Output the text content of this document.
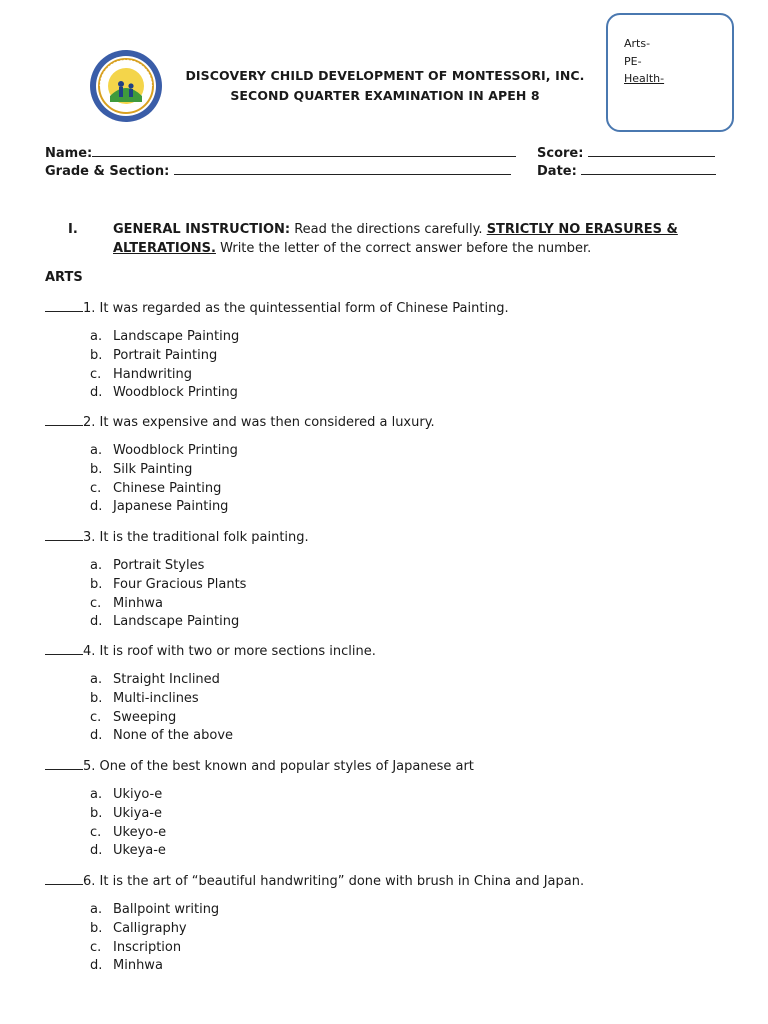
DISCOVERY CHILD DEVELOPMENT OF MONTESSORI, INC.
SECOND QUARTER EXAMINATION IN APEH 8
Arts-
PE-
Health-
Name:	Score:
Grade & Section:	Date:
I.	GENERAL INSTRUCTION: Read the directions carefully. STRICTLY NO ERASURES & ALTERATIONS. Write the letter of the correct answer before the number.
ARTS
1. It was regarded as the quintessential form of Chinese Painting.
a. Landscape Painting
b. Portrait Painting
c. Handwriting
d. Woodblock Printing
2. It was expensive and was then considered a luxury.
a. Woodblock Printing
b. Silk Painting
c. Chinese Painting
d. Japanese Painting
3. It is the traditional folk painting.
a. Portrait Styles
b. Four Gracious Plants
c. Minhwa
d. Landscape Painting
4. It is roof with two or more sections incline.
a. Straight Inclined
b. Multi-inclines
c. Sweeping
d. None of the above
5. One of the best known and popular styles of Japanese art
a. Ukiyo-e
b. Ukiya-e
c. Ukeyo-e
d. Ukeya-e
6. It is the art of “beautiful handwriting” done with brush in China and Japan.
a. Ballpoint writing
b. Calligraphy
c. Inscription
d. Minhwa
